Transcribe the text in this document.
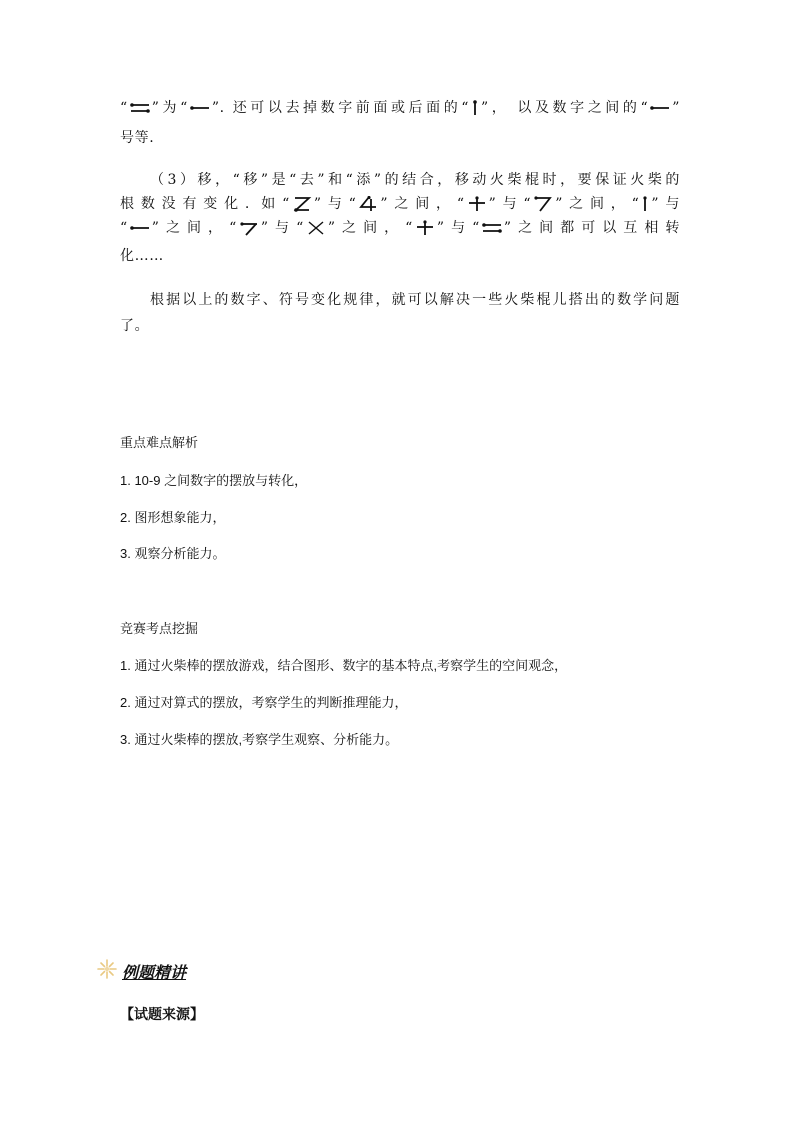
“ ”为“ ”. 还可以去掉数字前面或后面的“ ”， 以及数字之间的“ ”
号等.
（3）移，“移”是“去”和“添”的结合，移动火柴棍时，要保证火柴的
根数没有变化. 如“ ”与“ ”之间，“ ”与“ ”之间，“ ”与
“ ”之间，“ ”与“ ”之间，“ ”与“ ”之间都可以互相转
化……
根据以上的数字、符号变化规律，就可以解决一些火柴棍儿搭出的数学问题
了。
重点难点解析
1. 10-9 之间数字的摆放与转化，
2. 图形想象能力，
3. 观察分析能力。
竞赛考点挖掘
1. 通过火柴棒的摆放游戏，结合图形、数字的基本特点,考察学生的空间观念，
2. 通过对算式的摆放，考察学生的判断推理能力，
3. 通过火柴棒的摆放,考察学生观察、分析能力。
例题精讲
【试题来源】
